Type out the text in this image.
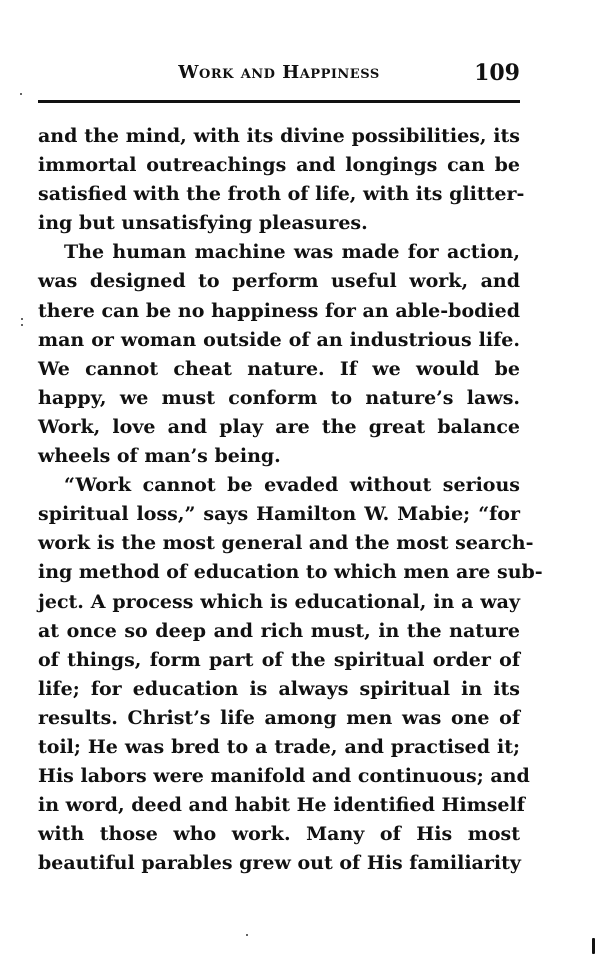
Work and Happiness	109

and the mind, with its divine possibilities, its
immortal outreachings and longings can be
satisfied with the froth of life, with its glitter-
ing but unsatisfying pleasures.

The human machine was made for action,
was designed to perform useful work, and
there can be no happiness for an able-bodied
man or woman outside of an industrious life.
We cannot cheat nature. If we would be
happy, we must conform to nature’s laws.
Work, love and play are the great balance
wheels of man’s being.

“Work cannot be evaded without serious
spiritual loss,” says Hamilton W. Mabie; “for
work is the most general and the most search-
ing method of education to which men are sub-
ject. A process which is educational, in a way
at once so deep and rich must, in the nature
of things, form part of the spiritual order of
life; for education is always spiritual in its
results. Christ’s life among men was one of
toil; He was bred to a trade, and practised it;
His labors were manifold and continuous; and
in word, deed and habit He identified Himself
with those who work. Many of His most
beautiful parables grew out of His familiarity
